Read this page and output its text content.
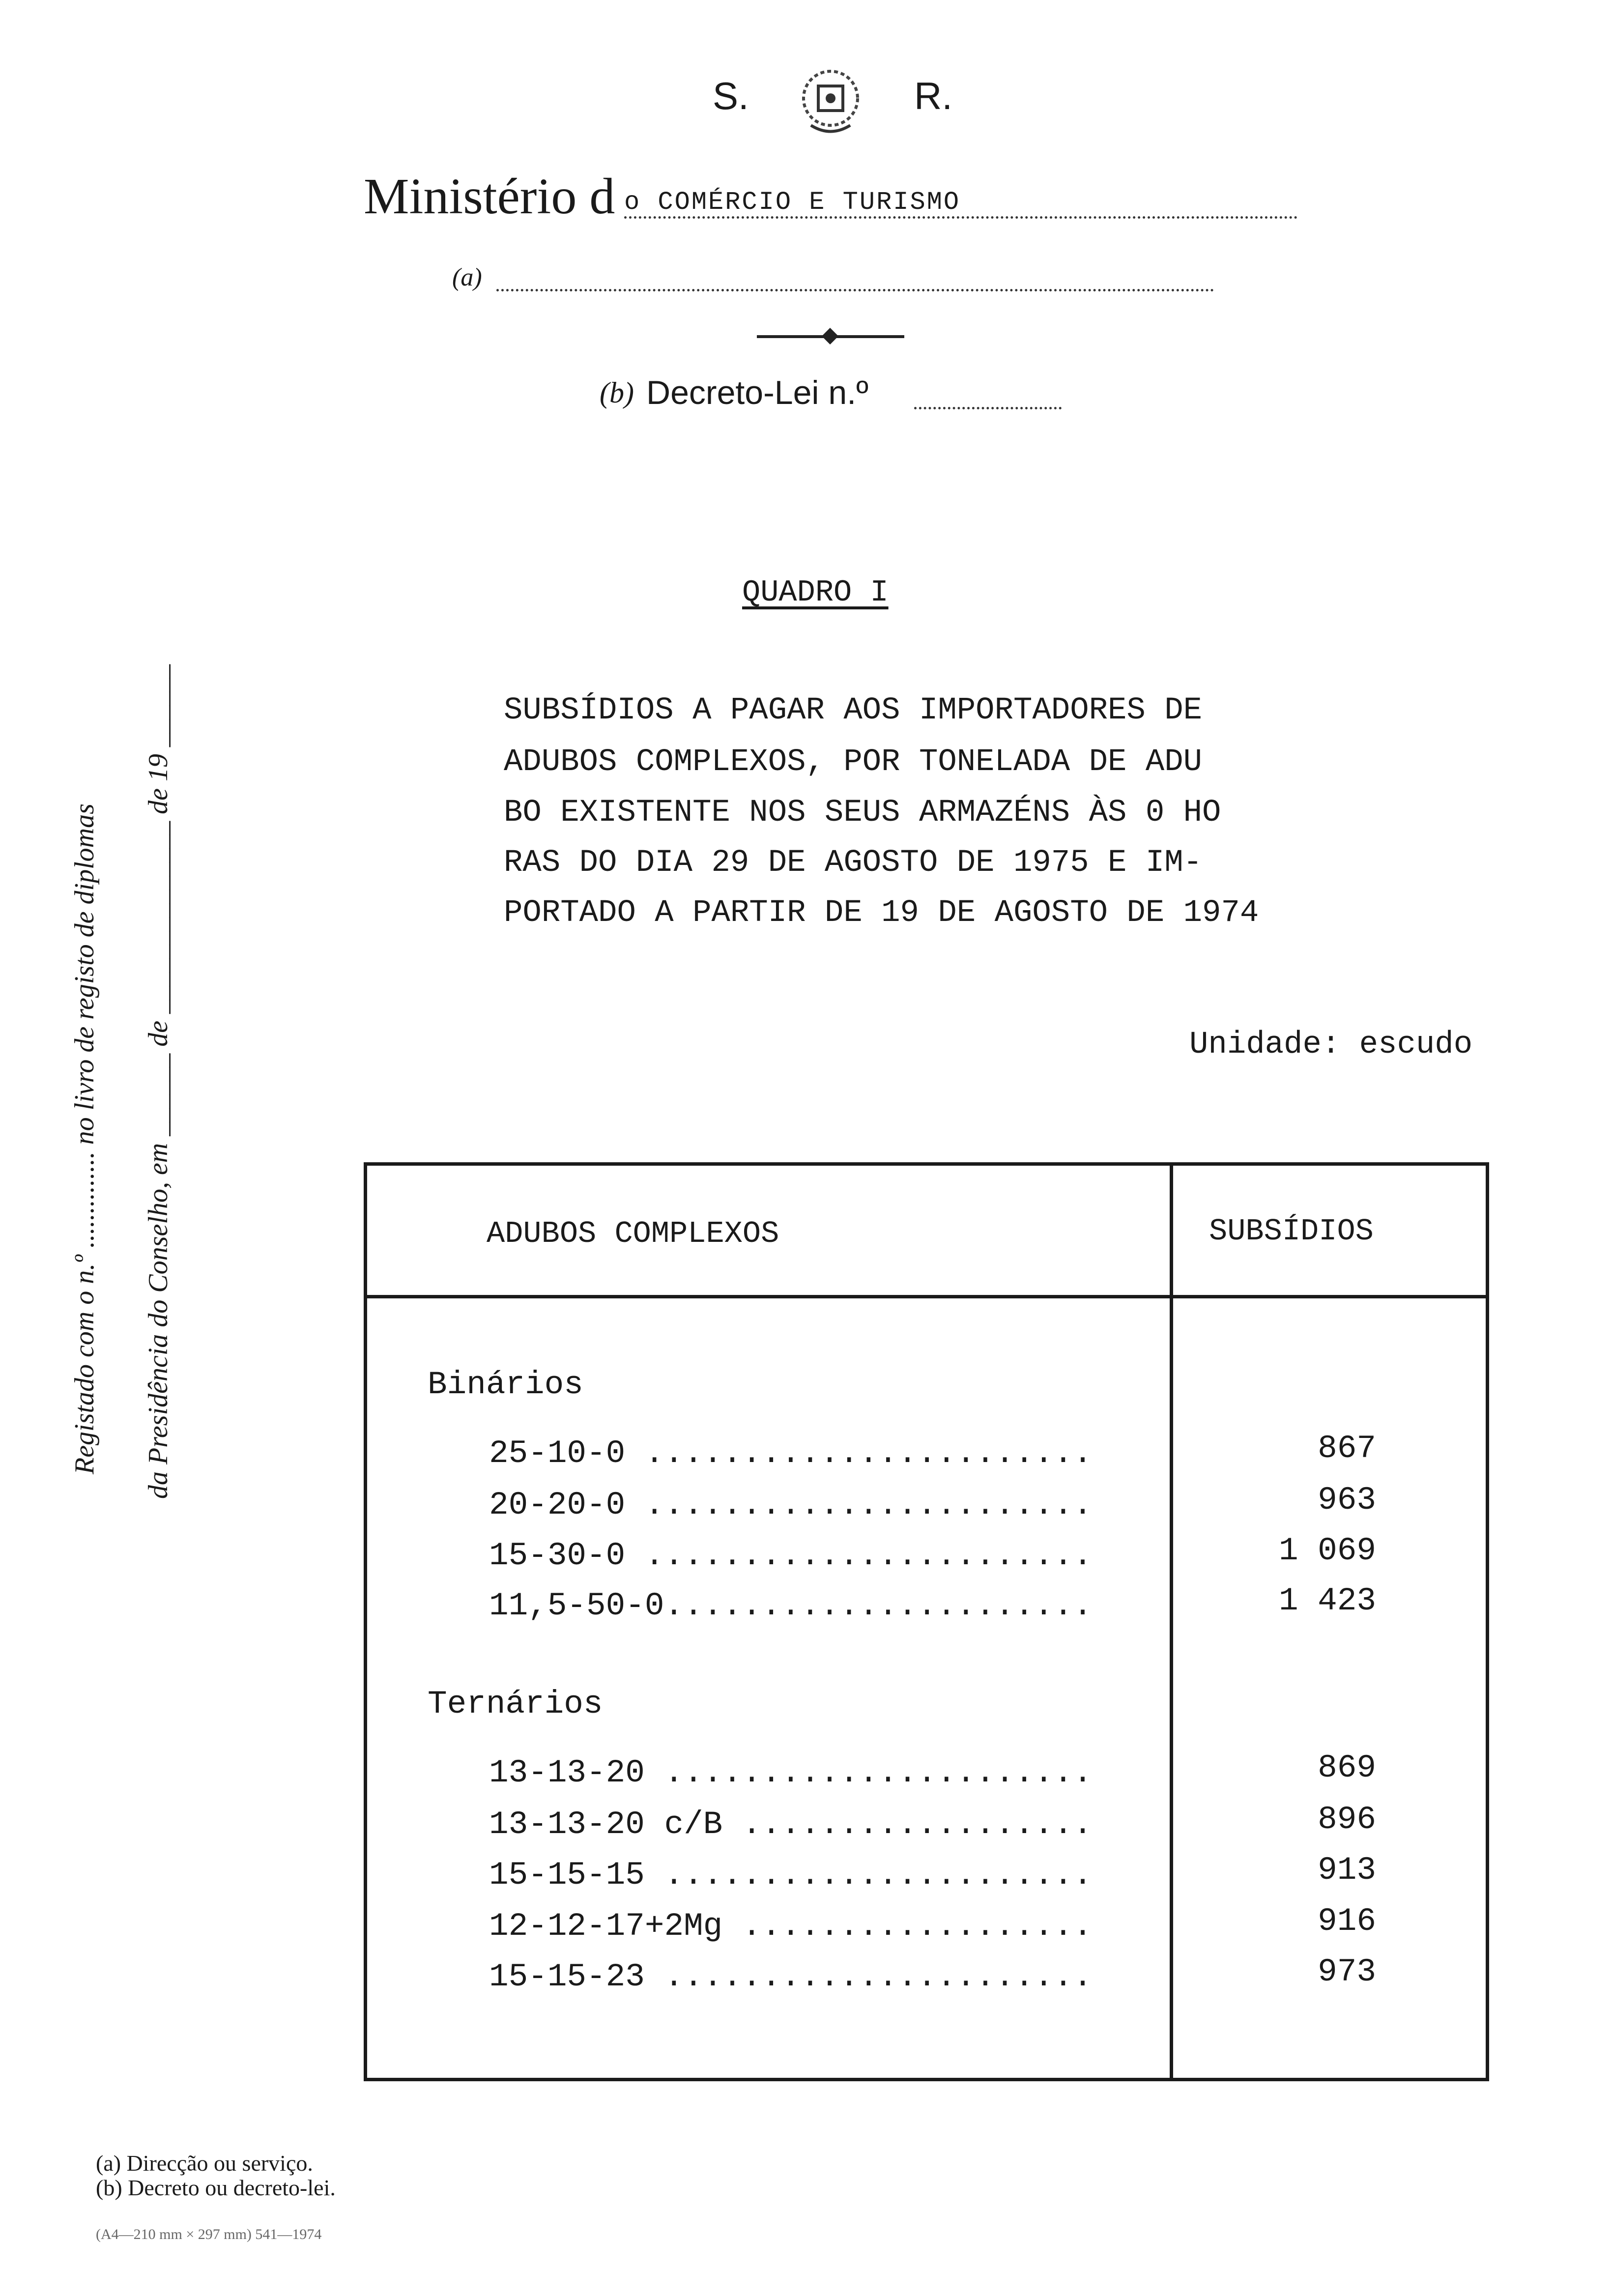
S.	R.
Ministério d o COMÉRCIO E TURISMO
(a)
(b) Decreto-Lei n.º
Registado com o n.º .............. no livro de registo de diplomas da Presidência do Conselho, em ______ de ______________ de 19 ______
QUADRO I
SUBSÍDIOS A PAGAR AOS IMPORTADORES DE
ADUBOS COMPLEXOS, POR TONELADA DE ADU
BO EXISTENTE NOS SEUS ARMAZÉNS ÀS 0 HO
RAS DO DIA 29 DE AGOSTO DE 1975 E IM-
PORTADO A PARTIR DE 19 DE AGOSTO DE 1974
Unidade: escudo
ADUBOS COMPLEXOS	SUBSÍDIOS
Binários
25-10-0 .......................	867
20-20-0 .......................	963
15-30-0 .......................	1 069
11,5-50-0......................	1 423
Ternários
13-13-20 ......................	869
13-13-20 c/B ..................	896
15-15-15 ......................	913
12-12-17+2Mg ..................	916
15-15-23 ......................	973
(a) Direcção ou serviço.
(b) Decreto ou decreto-lei.
(A4—210 mm × 297 mm) 541—1974
